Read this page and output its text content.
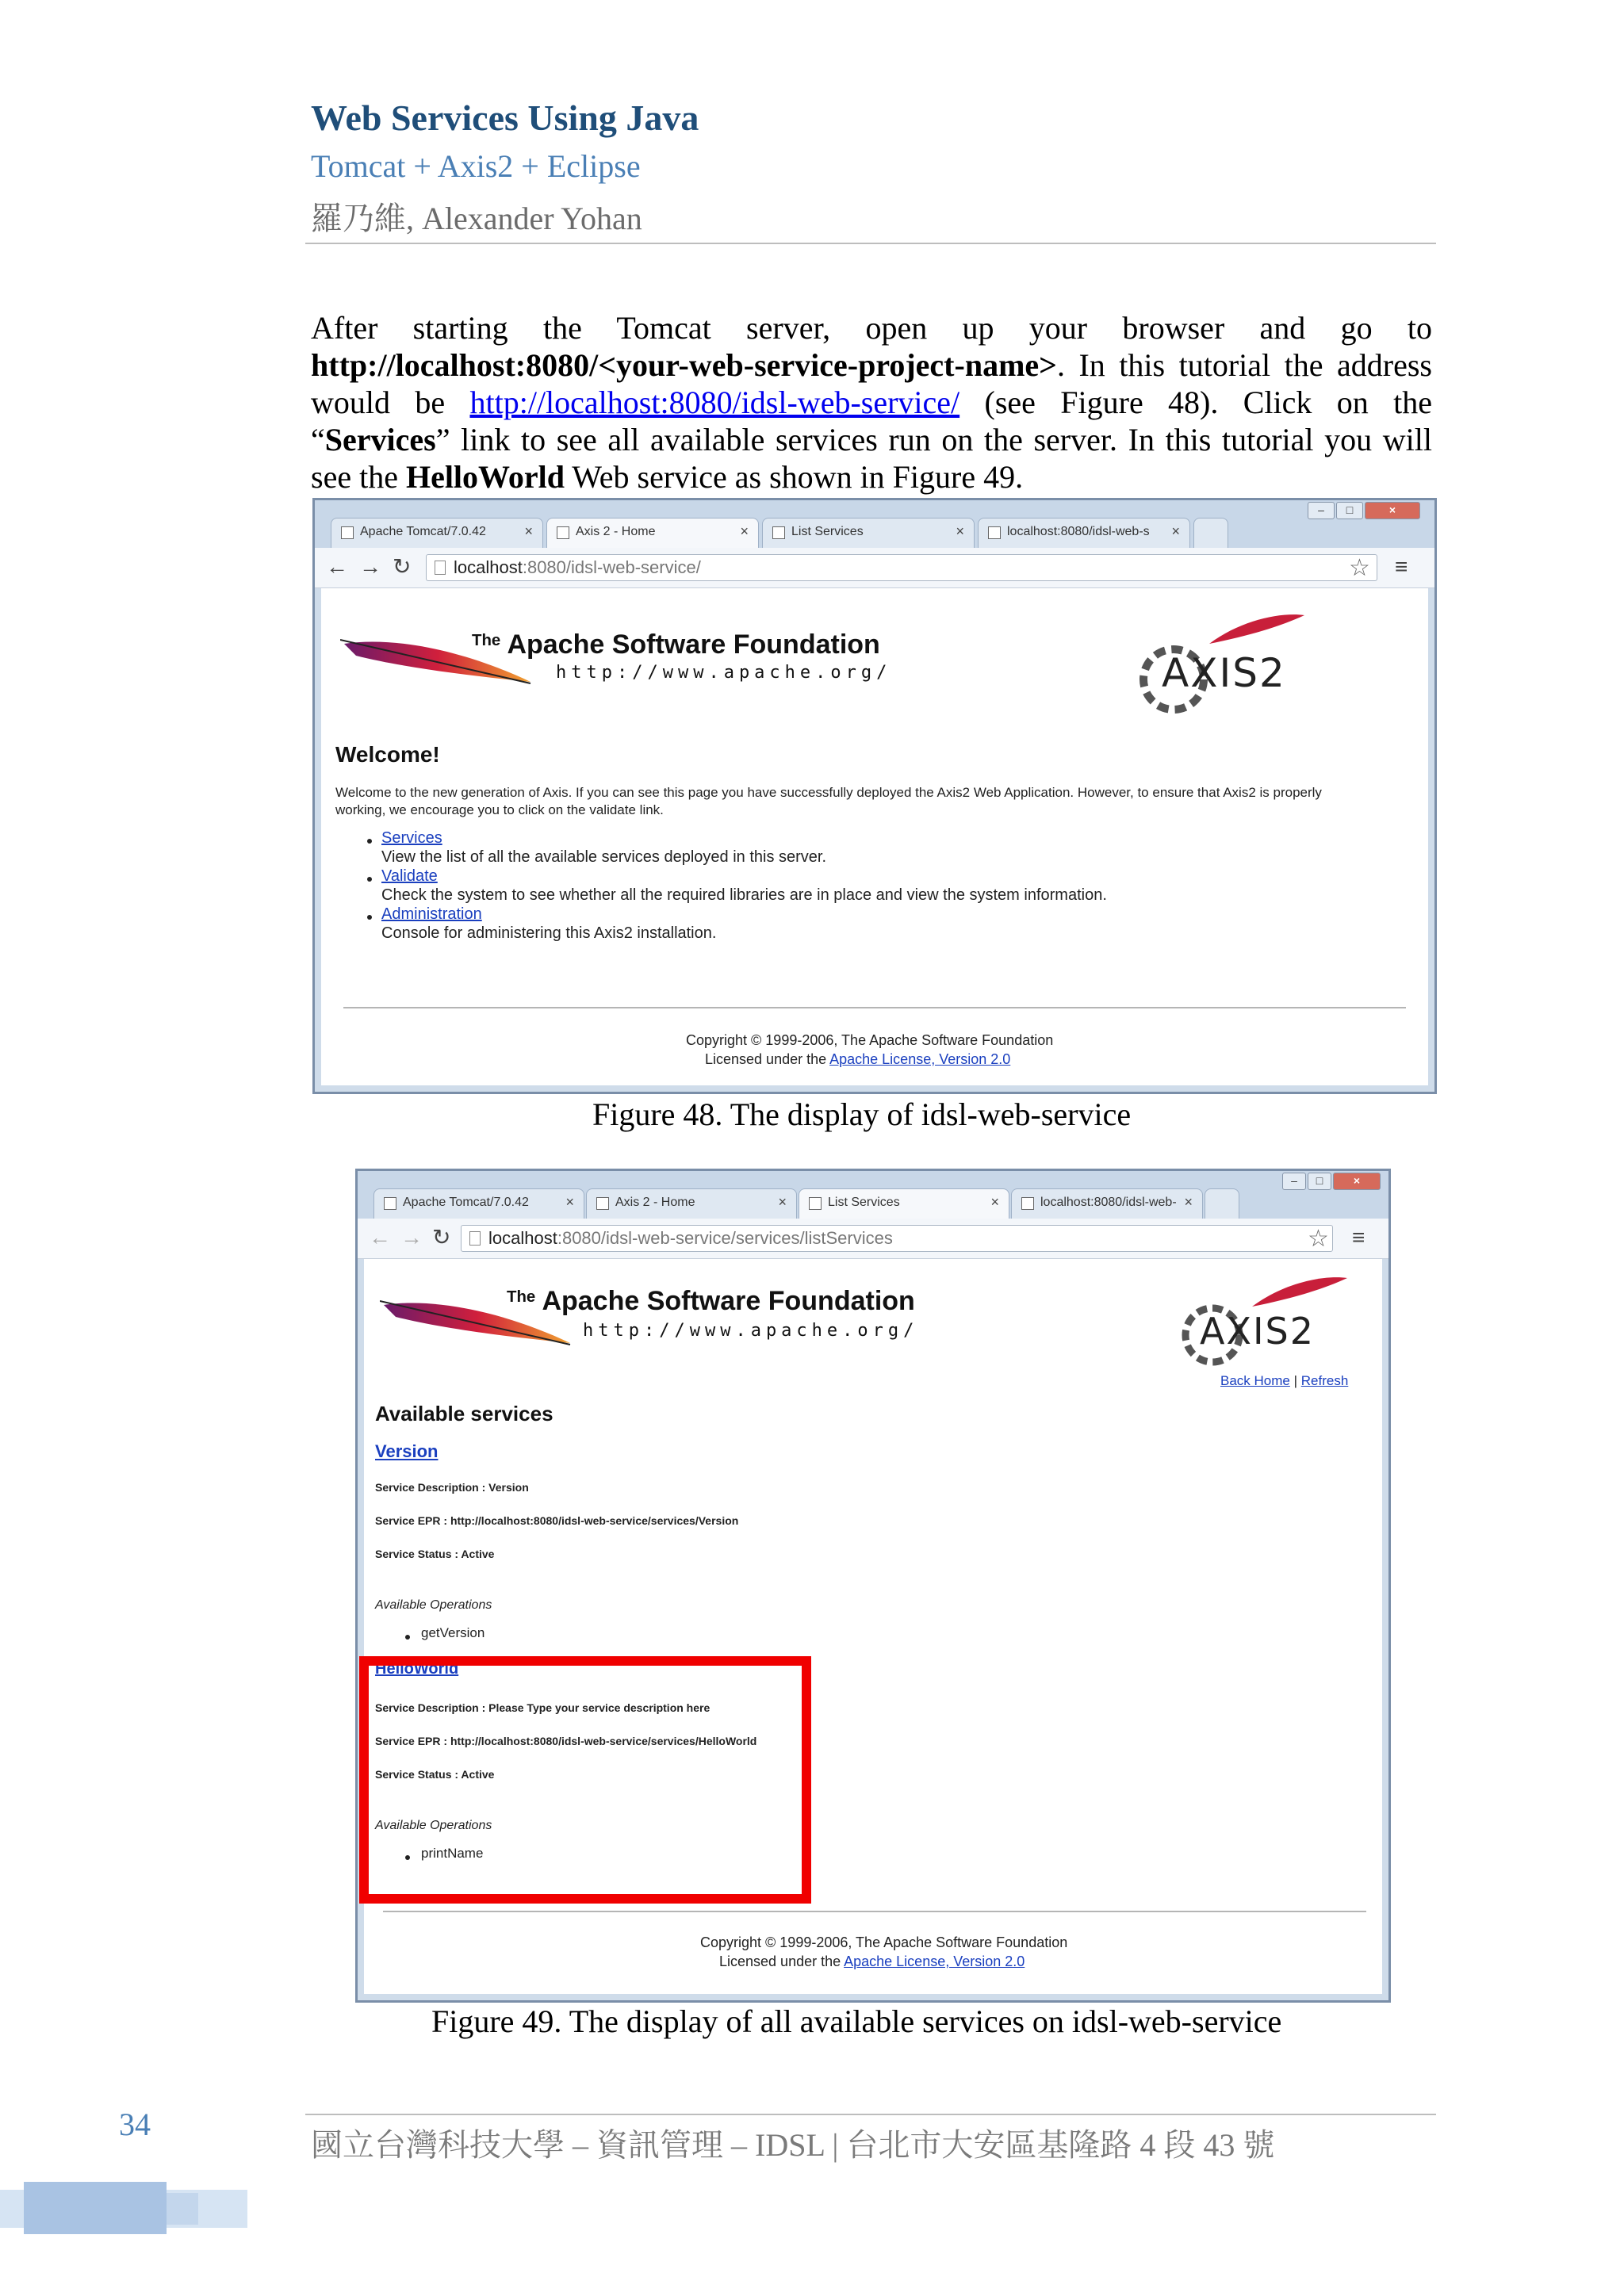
Web Services Using Java
Tomcat + Axis2 + Eclipse
羅乃維, Alexander Yohan
After starting the Tomcat server, open up your browser and go to http://localhost:8080/<your-web-service-project-name>. In this tutorial the address would be http://localhost:8080/idsl-web-service/ (see Figure 48). Click on the “Services” link to see all available services run on the server. In this tutorial you will see the HelloWorld Web service as shown in Figure 49.
Apache Tomcat/7.0.42	×	Axis 2 - Home	×	List Services	×	localhost:8080/idsl-web-s ×
–	□	×
← → ↻	localhost:8080/idsl-web-service/	☆ ≡
$^{The}$ Apache Software Foundation
http://www.apache.org/	AXIS2
Welcome!
Welcome to the new generation of Axis. If you can see this page you have successfully deployed the Axis2 Web Application. However, to ensure that Axis2 is properly
working, we encourage you to click on the validate link.
Services
View the list of all the available services deployed in this server.
Validate
Check the system to see whether all the required libraries are in place and view the system information.
Administration
Console for administering this Axis2 installation.
Copyright © 1999-2006, The Apache Software Foundation
Licensed under the Apache License, Version 2.0
Figure 48. The display of idsl-web-service
Apache Tomcat/7.0.42	×	Axis 2 - Home	×	List Services	×	localhost:8080/idsl-web- ×
–	□	×
← → ↻	localhost:8080/idsl-web-service/services/listServices	☆ ≡
$^{The}$ Apache Software Foundation
http://www.apache.org/	AXIS2
Back Home | Refresh
Available services
Version
Service Description : Version
Service EPR : http://localhost:8080/idsl-web-service/services/Version
Service Status : Active
Available Operations
getVersion
HelloWorld
Service Description : Please Type your service description here
Service EPR : http://localhost:8080/idsl-web-service/services/HelloWorld
Service Status : Active
Available Operations
printName
Copyright © 1999-2006, The Apache Software Foundation
Licensed under the Apache License, Version 2.0
Figure 49. The display of all available services on idsl-web-service
34
國立台灣科技大學 – 資訊管理 – IDSL | 台北市大安區基隆路 4 段 43 號
